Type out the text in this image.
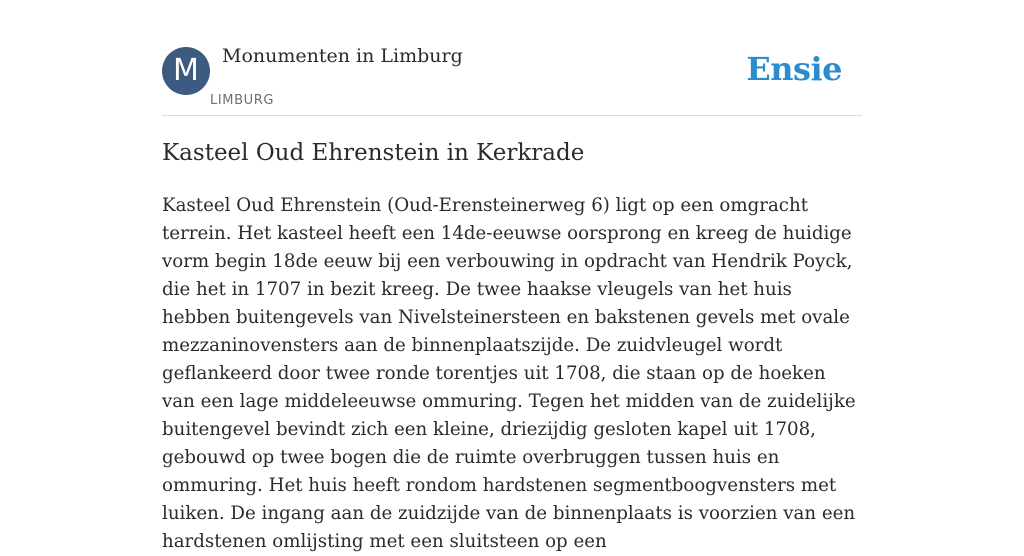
M	Monumenten in Limburg
LIMBURG
Ensie
Kasteel Oud Ehrenstein in Kerkrade

Kasteel Oud Ehrenstein (Oud-Erensteinerweg 6) ligt op een omgracht terrein. Het kasteel heeft een 14de-eeuwse oorsprong en kreeg de huidige vorm begin 18de eeuw bij een verbouwing in opdracht van Hendrik Poyck, die het in 1707 in bezit kreeg. De twee haakse vleugels van het huis hebben buitengevels van Nivelsteinersteen en bakstenen gevels met ovale mezzaninovensters aan de binnenplaatszijde. De zuidvleugel wordt geflankeerd door twee ronde torentjes uit 1708, die staan op de hoeken van een lage middeleeuwse ommuring. Tegen het midden van de zuidelijke buitengevel bevindt zich een kleine, driezijdig gesloten kapel uit 1708, gebouwd op twee bogen die de ruimte overbruggen tussen huis en ommuring. Het huis heeft rondom hardstenen segmentboogvensters met luiken. De ingang aan de zuidzijde van de binnenplaats is voorzien van een hardstenen omlijsting met een sluitsteen op een
